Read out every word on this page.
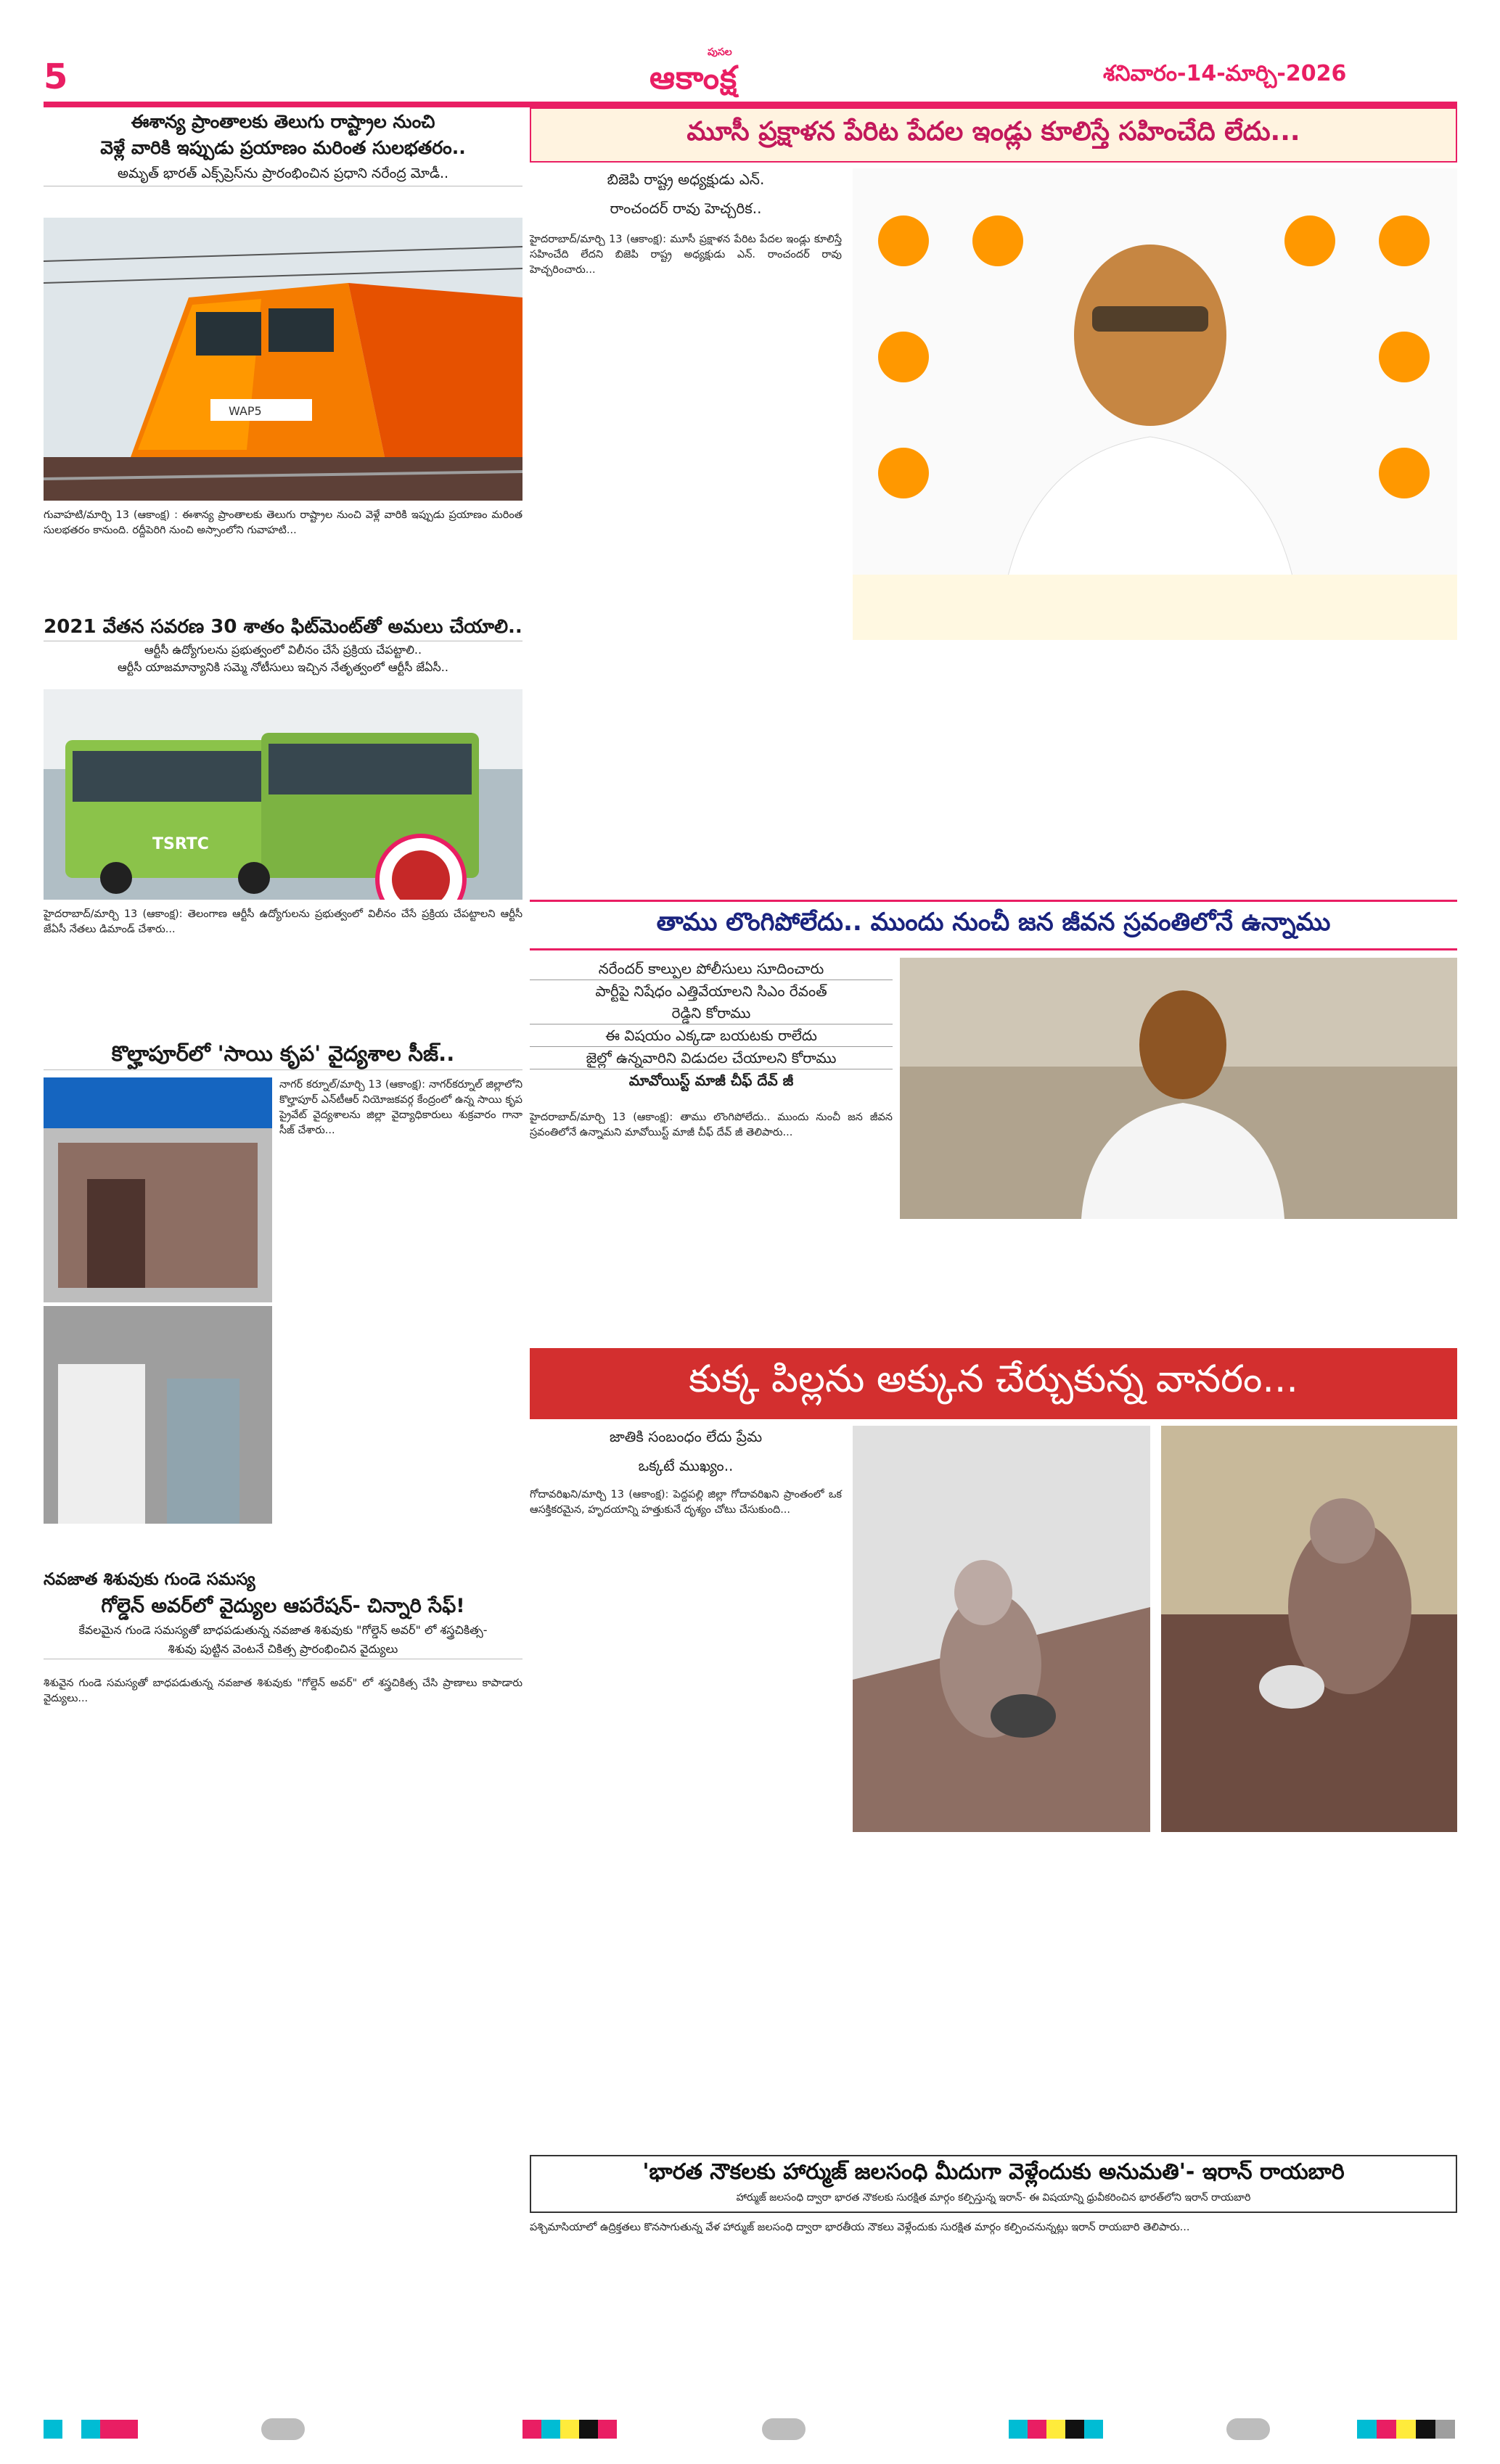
5
పుసల
ఆకాంక్ష	శనివారం-14-మార్చి-2026
ఈశాన్య ప్రాంతాలకు తెలుగు రాష్ట్రాల నుంచి
వెళ్లే వారికి ఇప్పుడు ప్రయాణం మరింత సులభతరం..
అమృత్ భారత్ ఎక్స్‌ప్రెస్‌ను ప్రారంభించిన ప్రధాని నరేంద్ర మోడీ..
WAP5
గువాహటి/మార్చి 13 (ఆకాంక్ష) : ఈశాన్య ప్రాంతాలకు తెలుగు రాష్ట్రాల నుంచి వెళ్లే వారికి ఇప్పుడు ప్రయాణం మరింత సులభతరం కానుంది. రద్దీపెరిగి నుంచి అస్సాంలోని గువాహటి...
2021 వేతన సవరణ 30 శాతం ఫిట్‌మెంట్‌తో అమలు చేయాలి..
ఆర్టీసీ ఉద్యోగులను ప్రభుత్వంలో విలీనం చేసే ప్రక్రియ చేపట్టాలి..
ఆర్టీసీ యాజమాన్యానికి సమ్మె నోటీసులు ఇచ్చిన నేతృత్వంలో ఆర్టీసీ జేఏసీ..
TSRTC
హైదరాబాద్/మార్చి 13 (ఆకాంక్ష): తెలంగాణ ఆర్టీసీ ఉద్యోగులను ప్రభుత్వంలో విలీనం చేసే ప్రక్రియ చేపట్టాలని ఆర్టీసీ జేఏసీ నేతలు డిమాండ్ చేశారు...
కొల్హాపూర్‌లో 'సాయి కృప' వైద్యశాల సీజ్..
నాగర్ కర్నూల్/మార్చి 13 (ఆకాంక్ష): నాగర్‌కర్నూల్ జిల్లాలోని కొల్హాపూర్ ఎన్‌టీఆర్ నియోజకవర్గ కేంద్రంలో ఉన్న సాయి కృప ప్రైవేట్ వైద్యశాలను జిల్లా వైద్యాధికారులు శుక్రవారం గానా సీజ్ చేశారు...
నవజాత శిశువుకు గుండె సమస్య
గోల్డెన్ అవర్‌లో వైద్యుల ఆపరేషన్- చిన్నారి సేఫ్!
కేవలమైన గుండె సమస్యతో బాధపడుతున్న నవజాత శిశువుకు "గోల్డెన్ అవర్" లో శస్త్రచికిత్స-
శిశువు పుట్టిన వెంటనే చికిత్స ప్రారంభించిన వైద్యులు
శిశువైన గుండె సమస్యతో బాధపడుతున్న నవజాత శిశువుకు "గోల్డెన్ అవర్" లో శస్త్రచికిత్స చేసి ప్రాణాలు కాపాడారు వైద్యులు...
మూసీ ప్రక్షాళన పేరిట పేదల ఇండ్లు కూలిస్తే సహించేది లేదు...
బిజెపి రాష్ట్ర అధ్యక్షుడు ఎన్.
రాంచందర్ రావు హెచ్చరిక..
హైదరాబాద్/మార్చి 13 (ఆకాంక్ష): మూసీ ప్రక్షాళన పేరిట పేదల ఇండ్లు కూలిస్తే సహించేది లేదని బిజెపి రాష్ట్ర అధ్యక్షుడు ఎన్. రాంచందర్ రావు హెచ్చరించారు...
తాము లొంగిపోలేదు.. ముందు నుంచీ జన జీవన స్రవంతిలోనే ఉన్నాము
నరేందర్ కాల్పుల పోలీసులు సూదించారు
పార్టీపై నిషేధం ఎత్తివేయాలని సిఎం రేవంత్
రెడ్డిని కోరాము
ఈ విషయం ఎక్కడా బయటకు రాలేదు
జైల్లో ఉన్నవారిని విడుదల చేయాలని కోరాము
మావోయిస్ట్ మాజీ చీఫ్ దేవ్ జీ
హైదరాబాద్/మార్చి 13 (ఆకాంక్ష): తాము లొంగిపోలేదు.. ముందు నుంచీ జన జీవన స్రవంతిలోనే ఉన్నామని మావోయిస్ట్ మాజీ చీఫ్ దేవ్ జీ తెలిపారు...
కుక్క పిల్లను అక్కున చేర్చుకున్న వానరం...
జాతికి సంబంధం లేదు ప్రేమ
ఒక్కటే ముఖ్యం..
గోదావరిఖని/మార్చి 13 (ఆకాంక్ష): పెద్దపల్లి జిల్లా గోదావరిఖని ప్రాంతంలో ఒక ఆసక్తికరమైన, హృదయాన్ని హత్తుకునే దృశ్యం చోటు చేసుకుంది...
'భారత నౌకలకు హార్ముజ్ జలసంధి మీదుగా వెళ్లేందుకు అనుమతి'- ఇరాన్ రాయబారి
హార్ముజ్ జలసంధి ద్వారా భారత నౌకలకు సురక్షిత మార్గం కల్పిస్తున్న ఇరాన్- ఈ విషయాన్ని ధ్రువీకరించిన భారత్‌లోని ఇరాన్ రాయబారి
పశ్చిమాసియాలో ఉద్రిక్తతలు కొనసాగుతున్న వేళ హార్ముజ్ జలసంధి ద్వారా భారతీయ నౌకలు వెళ్లేందుకు సురక్షిత మార్గం కల్పించనున్నట్లు ఇరాన్ రాయబారి తెలిపారు...
